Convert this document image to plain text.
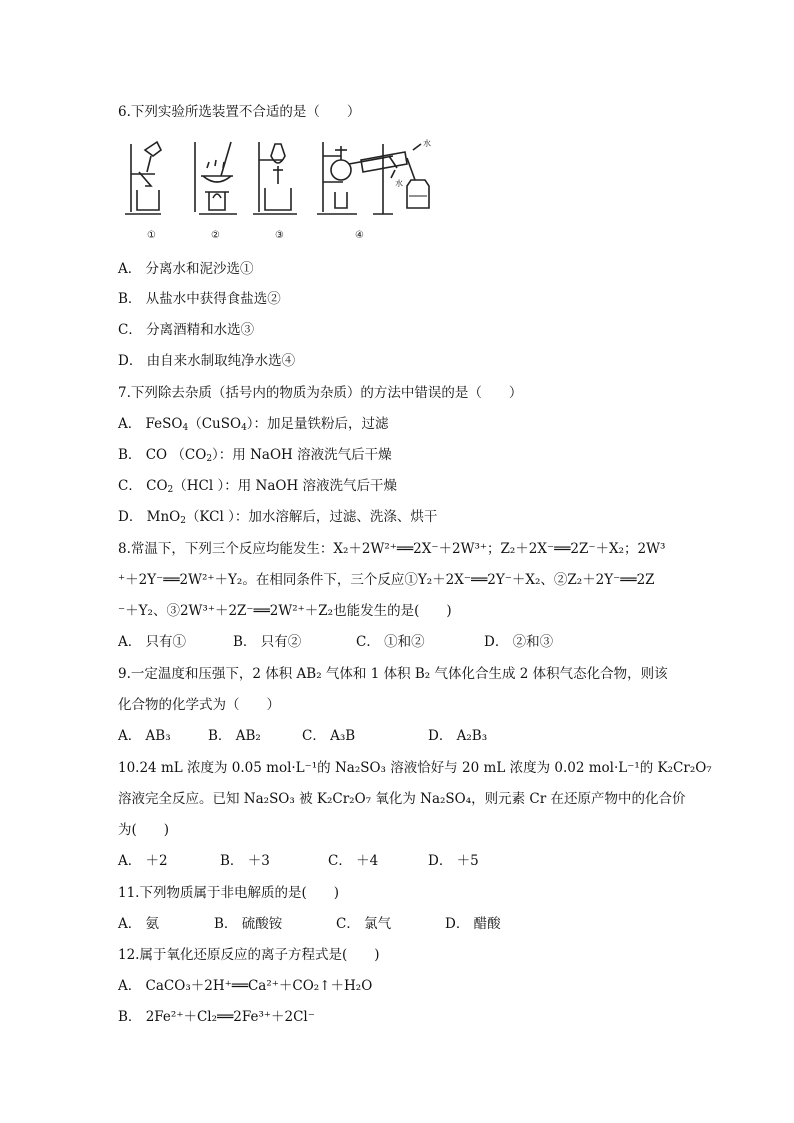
6.下列实验所选装置不合适的是（　　）
水
水
①	②	③	④
A． 分离水和泥沙选①
B． 从盐水中获得食盐选②
C． 分离酒精和水选③
D． 由自来水制取纯净水选④
7.下列除去杂质（括号内的物质为杂质）的方法中错误的是（　　）
A． FeSO$_4$（CuSO$_4$）：加足量铁粉后，过滤
B． CO $(CO_2)$：用 NaOH 溶液洗气后干燥
C． $CO_2(HCl$ ）：用 NaOH 溶液洗气后干燥
D． MnO$_2$（KCl ）：加水溶解后，过滤、洗涤、烘干
8.常温下，下列三个反应均能发生：X₂＋2W²⁺══2X⁻＋2W³⁺；Z₂＋2X⁻══2Z⁻＋X₂；2W³
⁺＋2Y⁻══2W²⁺＋Y₂。在相同条件下，三个反应①Y₂＋2X⁻══2Y⁻＋X₂、②Z₂＋2Y⁻══2Z
⁻＋Y₂、③2W³⁺＋2Z⁻══2W²⁺＋Z₂也能发生的是(　　)
A． 只有①	B． 只有②	C． ①和②	D． ②和③
9.一定温度和压强下，2 体积 AB₂ 气体和 1 体积 B₂ 气体化合生成 2 体积气态化合物，则该
化合物的化学式为（　　）
A． AB₃	B． AB₂	C． A₃B	D． A₂B₃
10.24 mL 浓度为 0.05 mol·L⁻¹的 Na₂SO₃ 溶液恰好与 20 mL 浓度为 0.02 mol·L⁻¹的 K₂Cr₂O₇
溶液完全反应。已知 Na₂SO₃ 被 K₂Cr₂O₇ 氧化为 Na₂SO₄，则元素 Cr 在还原产物中的化合价
为(　　)
A． ＋2	B． ＋3	C． ＋4	D． ＋5
11.下列物质属于非电解质的是(　　)
A． 氨	B． 硫酸铵	C． 氯气	D． 醋酸
12.属于氧化还原反应的离子方程式是(　　)
A． CaCO₃＋2H⁺══Ca²⁺＋CO₂↑＋H₂O
B． 2Fe²⁺＋Cl₂══2Fe³⁺＋2Cl⁻
